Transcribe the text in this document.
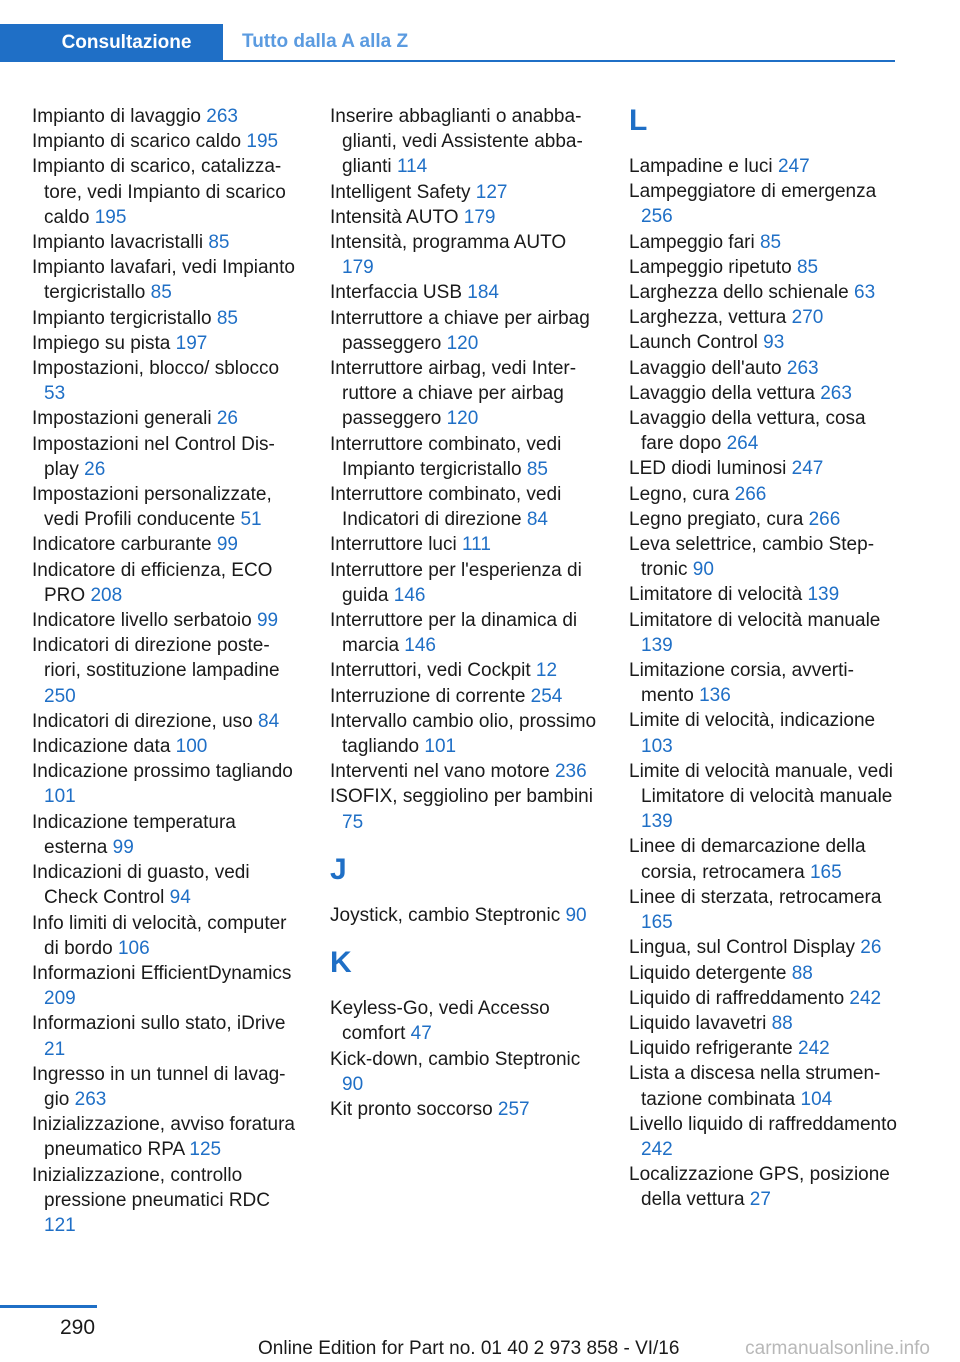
Consultazione	Tutto dalla A alla Z
Impianto di lavaggio 263
Impianto di scarico caldo 195
Impianto di scarico, catalizzatore, vedi Impianto di scarico caldo 195
Impianto lavacristalli 85
Impianto lavafari, vedi Impianto tergicristallo 85
Impianto tergicristallo 85
Impiego su pista 197
Impostazioni, blocco/ sblocco 53
Impostazioni generali 26
Impostazioni nel Control Display 26
Impostazioni personalizzate, vedi Profili conducente 51
Indicatore carburante 99
Indicatore di efficienza, ECO PRO 208
Indicatore livello serbatoio 99
Indicatori di direzione posteriori, sostituzione lampadine 250
Indicatori di direzione, uso 84
Indicazione data 100
Indicazione prossimo tagliando 101
Indicazione temperatura esterna 99
Indicazioni di guasto, vedi Check Control 94
Info limiti di velocità, computer di bordo 106
Informazioni EfficientDynamics 209
Informazioni sullo stato, iDrive 21
Ingresso in un tunnel di lavaggio 263
Inizializzazione, avviso foratura pneumatico RPA 125
Inizializzazione, controllo pressione pneumatici RDC 121
Inserire abbaglianti o anabbaglianti, vedi Assistente abbaglianti 114
Intelligent Safety 127
Intensità AUTO 179
Intensità, programma AUTO 179
Interfaccia USB 184
Interruttore a chiave per airbag passeggero 120
Interruttore airbag, vedi Interruttore a chiave per airbag passeggero 120
Interruttore combinato, vedi Impianto tergicristallo 85
Interruttore combinato, vedi Indicatori di direzione 84
Interruttore luci 111
Interruttore per l'esperienza di guida 146
Interruttore per la dinamica di marcia 146
Interruttori, vedi Cockpit 12
Interruzione di corrente 254
Intervallo cambio olio, prossimo tagliando 101
Interventi nel vano motore 236
ISOFIX, seggiolino per bambini 75
J
Joystick, cambio Steptronic 90
K
Keyless-Go, vedi Accesso comfort 47
Kick-down, cambio Steptronic 90
Kit pronto soccorso 257
L
Lampadine e luci 247
Lampeggiatore di emergenza 256
Lampeggio fari 85
Lampeggio ripetuto 85
Larghezza dello schienale 63
Larghezza, vettura 270
Launch Control 93
Lavaggio dell'auto 263
Lavaggio della vettura 263
Lavaggio della vettura, cosa fare dopo 264
LED diodi luminosi 247
Legno, cura 266
Legno pregiato, cura 266
Leva selettrice, cambio Steptronic 90
Limitatore di velocità 139
Limitatore di velocità manuale 139
Limitazione corsia, avvertimento 136
Limite di velocità, indicazione 103
Limite di velocità manuale, vedi Limitatore di velocità manuale 139
Linee di demarcazione della corsia, retrocamera 165
Linee di sterzata, retrocamera 165
Lingua, sul Control Display 26
Liquido detergente 88
Liquido di raffreddamento 242
Liquido lavavetri 88
Liquido refrigerante 242
Lista a discesa nella strumentazione combinata 104
Livello liquido di raffreddamento 242
Localizzazione GPS, posizione della vettura 27
290
Online Edition for Part no. 01 40 2 973 858 - VI/16	carmanualsonline.info
